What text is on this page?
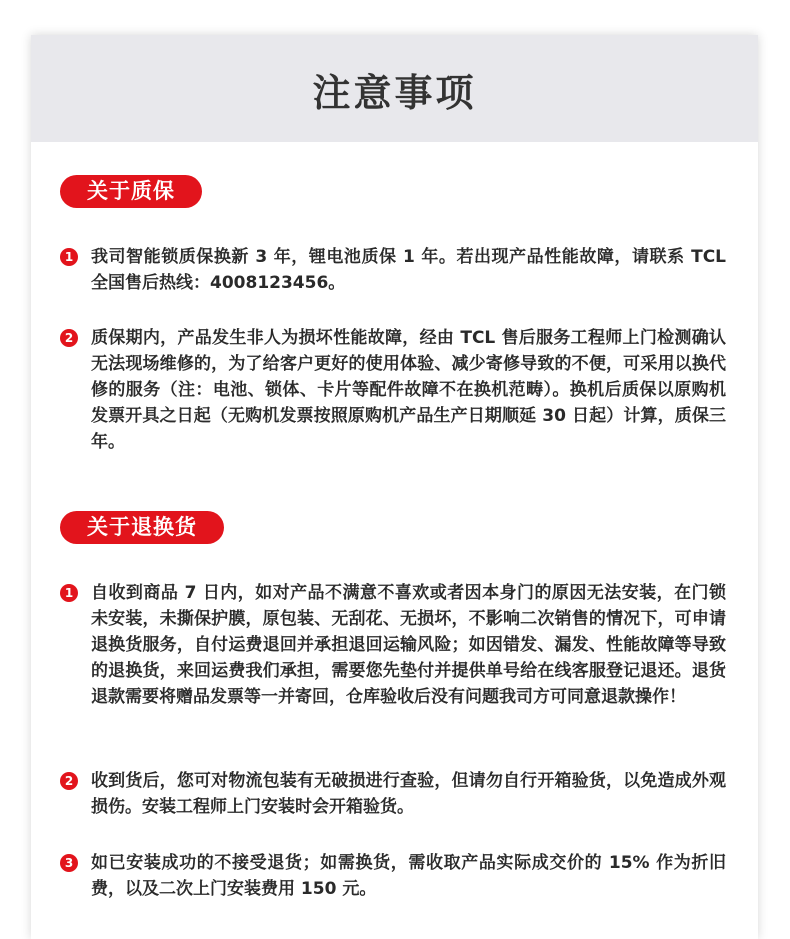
注意事项
关于质保
1 我司智能锁质保换新 3 年，锂电池质保 1 年。若出现产品性能故障，请联系 TCL 全国售后热线：4008123456。
2 质保期内，产品发生非人为损坏性能故障，经由 TCL 售后服务工程师上门检测确认无法现场维修的，为了给客户更好的使用体验、减少寄修导致的不便，可采用以换代修的服务（注：电池、锁体、卡片等配件故障不在换机范畴）。换机后质保以原购机发票开具之日起（无购机发票按照原购机产品生产日期顺延 30 日起）计算，质保三年。
关于退换货
1 自收到商品 7 日内，如对产品不满意不喜欢或者因本身门的原因无法安装，在门锁未安装，未撕保护膜，原包装、无刮花、无损坏，不影响二次销售的情况下，可申请退换货服务，自付运费退回并承担退回运输风险；如因错发、漏发、性能故障等导致的退换货，来回运费我们承担，需要您先垫付并提供单号给在线客服登记退还。退货退款需要将赠品发票等一并寄回，仓库验收后没有问题我司方可同意退款操作！
2 收到货后，您可对物流包装有无破损进行查验，但请勿自行开箱验货，以免造成外观损伤。安装工程师上门安装时会开箱验货。
3 如已安装成功的不接受退货；如需换货，需收取产品实际成交价的 15% 作为折旧费，以及二次上门安装费用 150 元。
